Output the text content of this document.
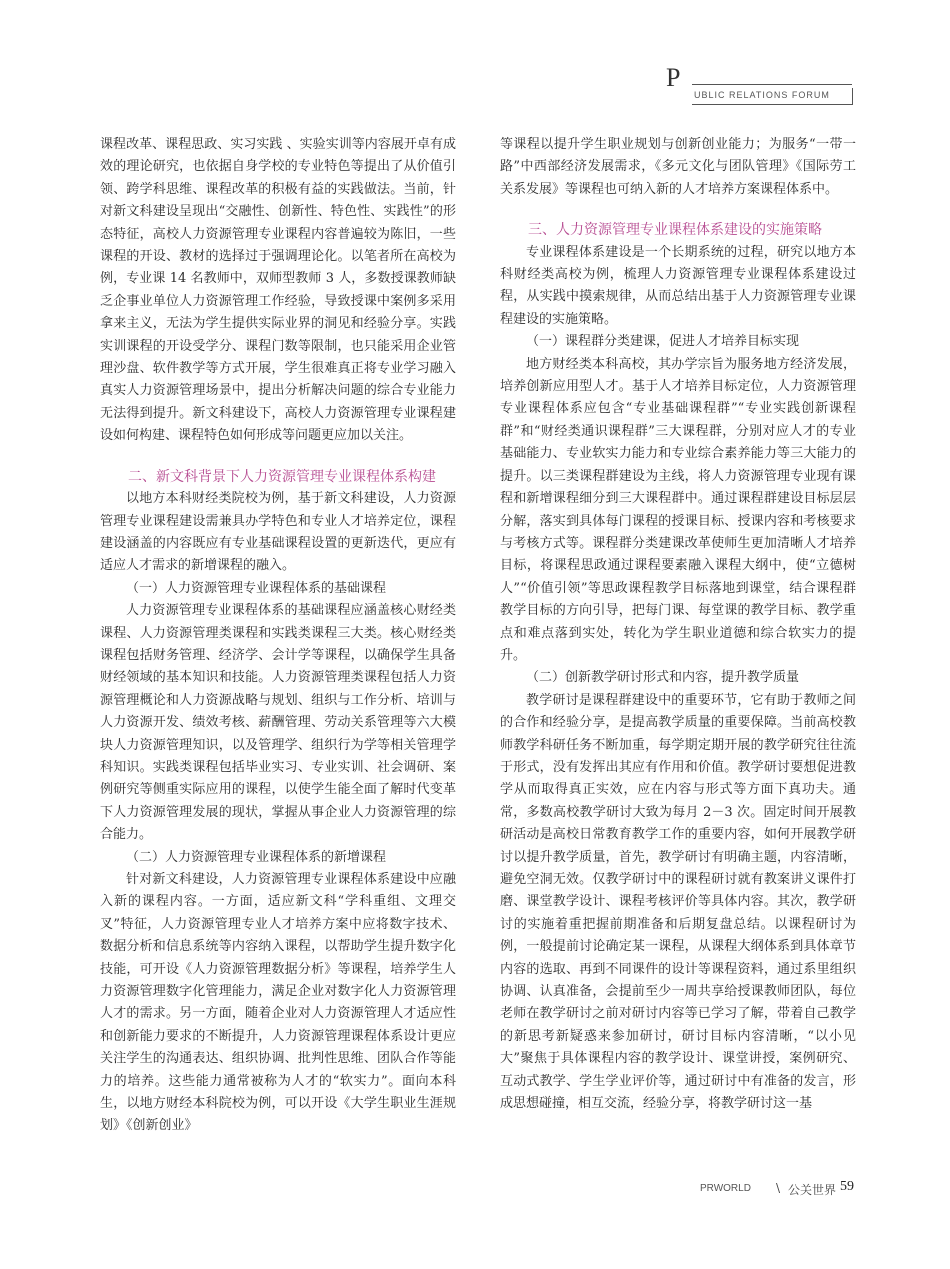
P
UBLIC RELATIONS FORUM

课程改革、课程思政、实习实践 、实验实训等内容展开卓有成效的理论研究，也依据自身学校的专业特色等提出了从价值引领、跨学科思维、课程改革的积极有益的实践做法。当前，针对新文科建设呈现出“交融性、创新性、特色性、实践性”的形态特征，高校人力资源管理专业课程内容普遍较为陈旧，一些课程的开设、教材的选择过于强调理论化。以笔者所在高校为例，专业课 14 名教师中，双师型教师 3 人，多数授课教师缺乏企事业单位人力资源管理工作经验，导致授课中案例多采用拿来主义，无法为学生提供实际业界的洞见和经验分享。实践实训课程的开设受学分、课程门数等限制，也只能采用企业管理沙盘、软件教学等方式开展，学生很难真正将专业学习融入真实人力资源管理场景中，提出分析解决问题的综合专业能力无法得到提升。新文科建设下，高校人力资源管理专业课程建设如何构建、课程特色如何形成等问题更应加以关注。

二、新文科背景下人力资源管理专业课程体系构建

以地方本科财经类院校为例，基于新文科建设，人力资源管理专业课程建设需兼具办学特色和专业人才培养定位，课程建设涵盖的内容既应有专业基础课程设置的更新迭代，更应有适应人才需求的新增课程的融入。

（一）人力资源管理专业课程体系的基础课程

人力资源管理专业课程体系的基础课程应涵盖核心财经类课程、人力资源管理类课程和实践类课程三大类。核心财经类课程包括财务管理、经济学、会计学等课程，以确保学生具备财经领域的基本知识和技能。人力资源管理类课程包括人力资源管理概论和人力资源战略与规划、组织与工作分析、培训与人力资源开发、绩效考核、薪酬管理、劳动关系管理等六大模块人力资源管理知识，以及管理学、组织行为学等相关管理学科知识。实践类课程包括毕业实习、专业实训、社会调研、案例研究等侧重实际应用的课程，以使学生能全面了解时代变革下人力资源管理发展的现状，掌握从事企业人力资源管理的综合能力。

（二）人力资源管理专业课程体系的新增课程

针对新文科建设，人力资源管理专业课程体系建设中应融入新的课程内容。一方面，适应新文科“学科重组、文理交叉”特征，人力资源管理专业人才培养方案中应将数字技术、数据分析和信息系统等内容纳入课程，以帮助学生提升数字化技能，可开设《人力资源管理数据分析》等课程，培养学生人力资源管理数字化管理能力，满足企业对数字化人力资源管理人才的需求。另一方面，随着企业对人力资源管理人才适应性和创新能力要求的不断提升，人力资源管理课程体系设计更应关注学生的沟通表达、组织协调、批判性思维、团队合作等能力的培养。这些能力通常被称为人才的“软实力”。面向本科生，以地方财经本科院校为例，可以开设《大学生职业生涯规划》《创新创业》

等课程以提升学生职业规划与创新创业能力；为服务“一带一路”中西部经济发展需求，《多元文化与团队管理》《国际劳工关系发展》等课程也可纳入新的人才培养方案课程体系中。

三、人力资源管理专业课程体系建设的实施策略

专业课程体系建设是一个长期系统的过程，研究以地方本科财经类高校为例，梳理人力资源管理专业课程体系建设过程，从实践中摸索规律，从而总结出基于人力资源管理专业课程建设的实施策略。

（一）课程群分类建课，促进人才培养目标实现

地方财经类本科高校，其办学宗旨为服务地方经济发展，培养创新应用型人才。基于人才培养目标定位，人力资源管理专业课程体系应包含“专业基础课程群”“专业实践创新课程群”和“财经类通识课程群”三大课程群，分别对应人才的专业基础能力、专业软实力能力和专业综合素养能力等三大能力的提升。以三类课程群建设为主线，将人力资源管理专业现有课程和新增课程细分到三大课程群中。通过课程群建设目标层层分解，落实到具体每门课程的授课目标、授课内容和考核要求与考核方式等。课程群分类建课改革使师生更加清晰人才培养目标，将课程思政通过课程要素融入课程大纲中，使“立德树人”“价值引领”等思政课程教学目标落地到课堂，结合课程群教学目标的方向引导，把每门课、每堂课的教学目标、教学重点和难点落到实处，转化为学生职业道德和综合软实力的提升。

（二）创新教学研讨形式和内容，提升教学质量

教学研讨是课程群建设中的重要环节，它有助于教师之间的合作和经验分享，是提高教学质量的重要保障。当前高校教师教学科研任务不断加重，每学期定期开展的教学研究往往流于形式，没有发挥出其应有作用和价值。教学研讨要想促进教学从而取得真正实效，应在内容与形式等方面下真功夫。通常，多数高校教学研讨大致为每月 2－3 次。固定时间开展教研活动是高校日常教育教学工作的重要内容，如何开展教学研讨以提升教学质量，首先，教学研讨有明确主题，内容清晰，避免空洞无效。仅教学研讨中的课程研讨就有教案讲义课件打磨、课堂教学设计、课程考核评价等具体内容。其次，教学研讨的实施着重把握前期准备和后期复盘总结。以课程研讨为例，一般提前讨论确定某一课程，从课程大纲体系到具体章节内容的选取、再到不同课件的设计等课程资料，通过系里组织协调、认真准备，会提前至少一周共享给授课教师团队，每位老师在教学研讨之前对研讨内容等已学习了解，带着自己教学的新思考新疑惑来参加研讨，研讨目标内容清晰，“以小见大”聚焦于具体课程内容的教学设计、课堂讲授，案例研究、互动式教学、学生学业评价等，通过研讨中有准备的发言，形成思想碰撞，相互交流，经验分享，将教学研讨这一基

PRWORLD \ 公关世界 59
